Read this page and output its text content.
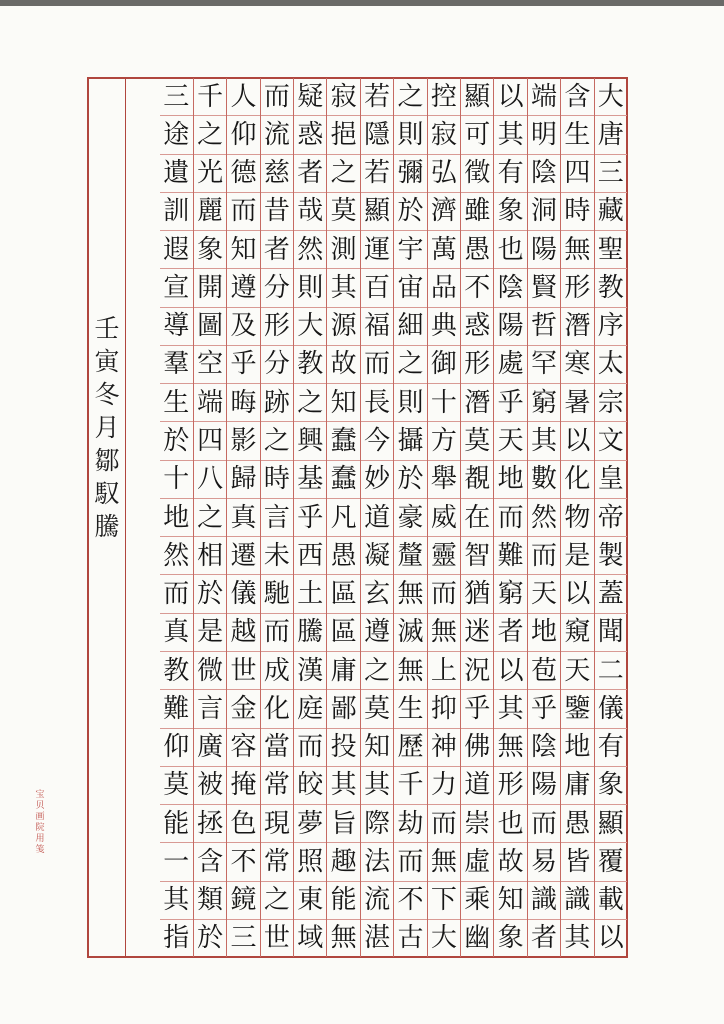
大
唐
三
藏
聖
教
序
太
宗
文
皇
帝
製
蓋
聞
二
儀
有
象
顯
覆
載
以
含
生
四
時
無
形
潛
寒
暑
以
化
物
是
以
窺
天
鑒
地
庸
愚
皆
識
其
端
明
陰
洞
陽
賢
哲
罕
窮
其
數
然
而
天
地
苞
乎
陰
陽
而
易
識
者
以
其
有
象
也
陰
陽
處
乎
天
地
而
難
窮
者
以
其
無
形
也
故
知
象
顯
可
徵
雖
愚
不
惑
形
潛
莫
覩
在
智
猶
迷
況
乎
佛
道
崇
虛
乘
幽
控
寂
弘
濟
萬
品
典
御
十
方
舉
威
靈
而
無
上
抑
神
力
而
無
下
大
之
則
彌
於
宇
宙
細
之
則
攝
於
豪
釐
無
滅
無
生
歷
千
劫
而
不
古
若
隱
若
顯
運
百
福
而
長
今
妙
道
凝
玄
遵
之
莫
知
其
際
法
流
湛
寂
挹
之
莫
測
其
源
故
知
蠢
蠢
凡
愚
區
區
庸
鄙
投
其
旨
趣
能
無
疑
惑
者
哉
然
則
大
教
之
興
基
乎
西
土
騰
漢
庭
而
皎
夢
照
東
域
而
流
慈
昔
者
分
形
分
跡
之
時
言
未
馳
而
成
化
當
常
現
常
之
世
人
仰
德
而
知
遵
及
乎
晦
影
歸
真
遷
儀
越
世
金
容
掩
色
不
鏡
三
千
之
光
麗
象
開
圖
空
端
四
八
之
相
於
是
微
言
廣
被
拯
含
類
於
三
途
遺
訓
遐
宣
導
羣
生
於
十
地
然
而
真
教
難
仰
莫
能
一
其
指
壬寅冬月鄒馭騰
宝贝画院用笺
